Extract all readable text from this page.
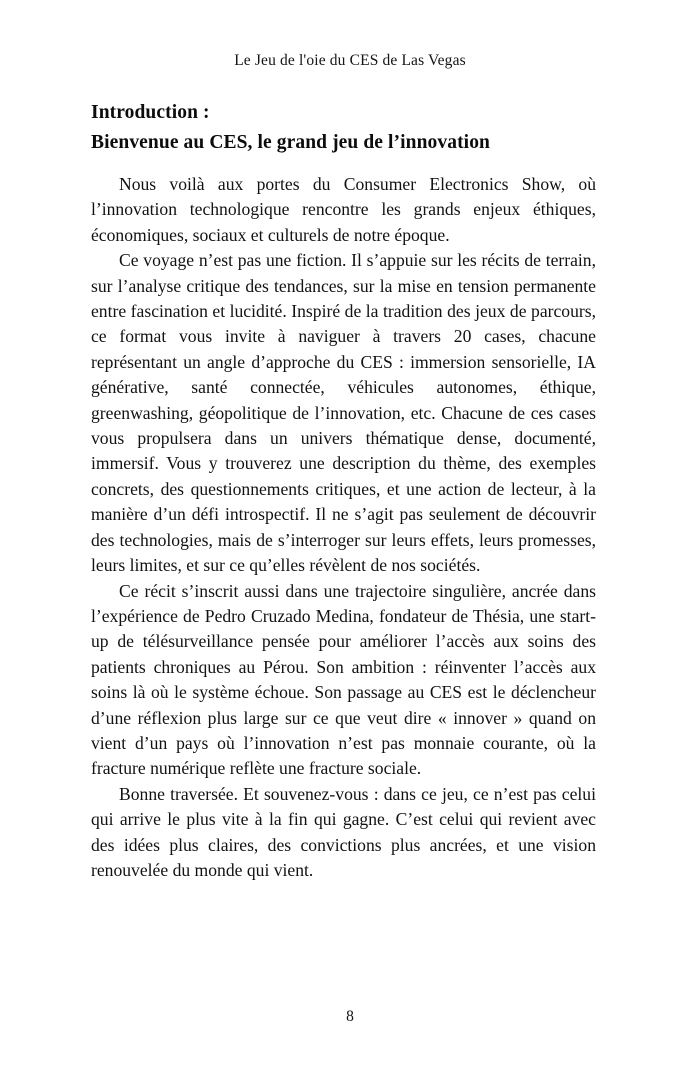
Le Jeu de l'oie du CES de Las Vegas
Introduction :
Bienvenue au CES, le grand jeu de l’innovation

Nous voilà aux portes du Consumer Electronics Show, où l’innovation technologique rencontre les grands enjeux éthiques, économiques, sociaux et culturels de notre époque.

Ce voyage n’est pas une fiction. Il s’appuie sur les récits de terrain, sur l’analyse critique des tendances, sur la mise en tension permanente entre fascination et lucidité. Inspiré de la tradition des jeux de parcours, ce format vous invite à naviguer à travers 20 cases, chacune représentant un angle d’approche du CES : immersion sensorielle, IA générative, santé connectée, véhicules autonomes, éthique, greenwashing, géopolitique de l’innovation, etc. Chacune de ces cases vous propulsera dans un univers thématique dense, documenté, immersif. Vous y trouverez une description du thème, des exemples concrets, des questionnements critiques, et une action de lecteur, à la manière d’un défi introspectif. Il ne s’agit pas seulement de découvrir des technologies, mais de s’interroger sur leurs effets, leurs promesses, leurs limites, et sur ce qu’elles révèlent de nos sociétés.

Ce récit s’inscrit aussi dans une trajectoire singulière, ancrée dans l’expérience de Pedro Cruzado Medina, fondateur de Thésia, une start-up de télésurveillance pensée pour améliorer l’accès aux soins des patients chroniques au Pérou. Son ambition : réinventer l’accès aux soins là où le système échoue. Son passage au CES est le déclencheur d’une réflexion plus large sur ce que veut dire « innover » quand on vient d’un pays où l’innovation n’est pas monnaie courante, où la fracture numérique reflète une fracture sociale.

Bonne traversée. Et souvenez-vous : dans ce jeu, ce n’est pas celui qui arrive le plus vite à la fin qui gagne. C’est celui qui revient avec des idées plus claires, des convictions plus ancrées, et une vision renouvelée du monde qui vient.

8
